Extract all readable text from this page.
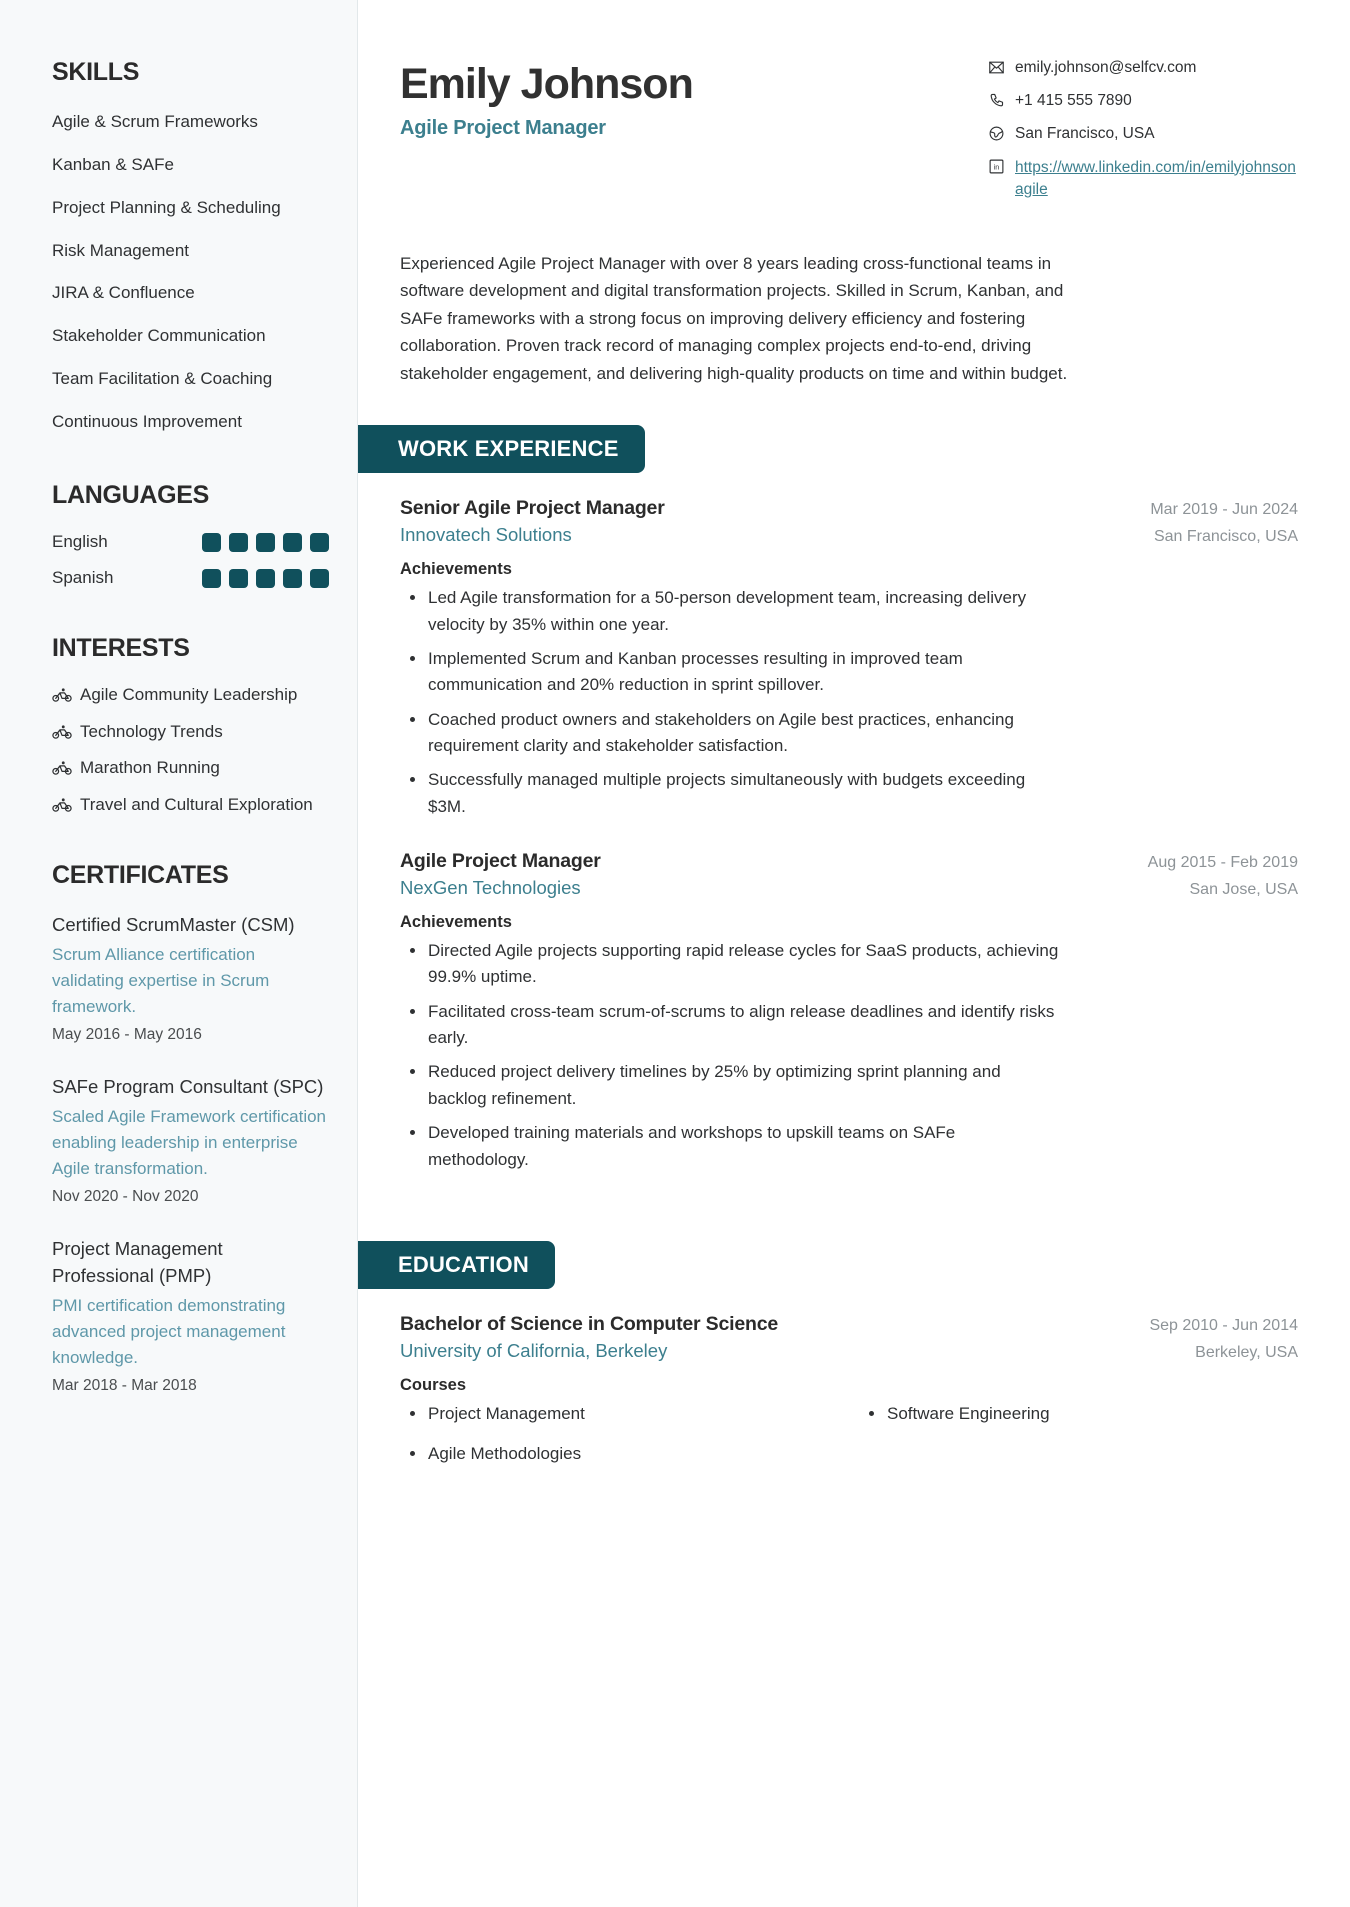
SKILLS
Agile & Scrum Frameworks
Kanban & SAFe
Project Planning & Scheduling
Risk Management
JIRA & Confluence
Stakeholder Communication
Team Facilitation & Coaching
Continuous Improvement
LANGUAGES
English
Spanish
INTERESTS
Agile Community Leadership
Technology Trends
Marathon Running
Travel and Cultural Exploration
CERTIFICATES
Certified ScrumMaster (CSM)
Scrum Alliance certification validating expertise in Scrum framework.
May 2016 - May 2016
SAFe Program Consultant (SPC)
Scaled Agile Framework certification enabling leadership in enterprise Agile transformation.
Nov 2020 - Nov 2020
Project Management Professional (PMP)
PMI certification demonstrating advanced project management knowledge.
Mar 2018 - Mar 2018
Emily Johnson
Agile Project Manager
emily.johnson@selfcv.com
+1 415 555 7890
San Francisco, USA
in https://www.linkedin.com/in/emilyjohnsonagile

Experienced Agile Project Manager with over 8 years leading cross-functional teams in software development and digital transformation projects. Skilled in Scrum, Kanban, and SAFe frameworks with a strong focus on improving delivery efficiency and fostering collaboration. Proven track record of managing complex projects end-to-end, driving stakeholder engagement, and delivering high-quality products on time and within budget.

WORK EXPERIENCE
Senior Agile Project Manager	Mar 2019 - Jun 2024
Innovatech Solutions	San Francisco, USA
Achievements
Led Agile transformation for a 50-person development team, increasing delivery velocity by 35% within one year.
Implemented Scrum and Kanban processes resulting in improved team communication and 20% reduction in sprint spillover.
Coached product owners and stakeholders on Agile best practices, enhancing requirement clarity and stakeholder satisfaction.
Successfully managed multiple projects simultaneously with budgets exceeding $3M.
Agile Project Manager	Aug 2015 - Feb 2019
NexGen Technologies	San Jose, USA
Achievements
Directed Agile projects supporting rapid release cycles for SaaS products, achieving 99.9% uptime.
Facilitated cross-team scrum-of-scrums to align release deadlines and identify risks early.
Reduced project delivery timelines by 25% by optimizing sprint planning and backlog refinement.
Developed training materials and workshops to upskill teams on SAFe methodology.
EDUCATION
Bachelor of Science in Computer Science	Sep 2010 - Jun 2014
University of California, Berkeley	Berkeley, USA
Courses
Project Management	Software Engineering
Agile Methodologies
